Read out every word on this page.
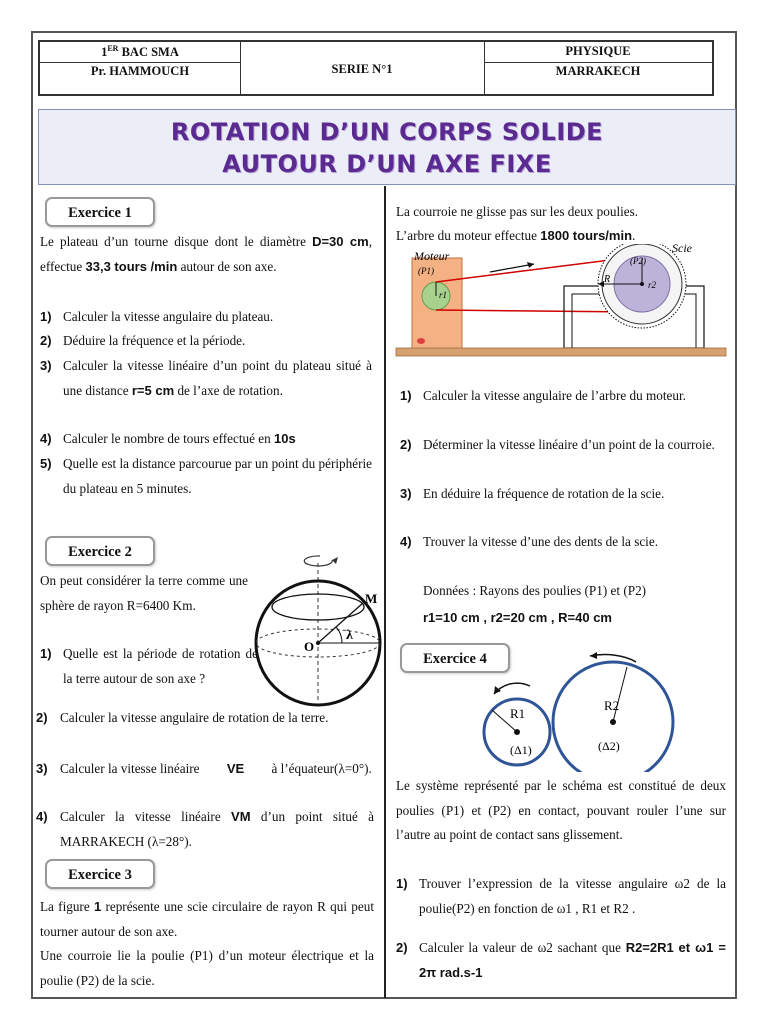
1ER BAC SMA
Pr. HAMMOUCH	SERIE N°1
PHYSIQUE
MARRAKECH
ROTATION D’UN CORPS SOLIDE
AUTOUR D’UN AXE FIXE
Exercice 1
Le plateau d’un tourne disque dont le diamètre D=30 cm, effectue 33,3 tours /min autour de son axe.
1) Calculer la vitesse angulaire du plateau.
2) Déduire la fréquence et la période.
3) Calculer la vitesse linéaire d’un point du plateau situé à une distance r=5 cm de l’axe de rotation.
4) Calculer le nombre de tours effectué en 10s
5) Quelle est la distance parcourue par un point du périphérie du plateau en 5 minutes.
Exercice 2
On peut considérer la terre comme une sphère de rayon R=6400 Km.
1) Quelle est la période de rotation de la terre autour de son axe ?
M
O
λ
2) Calculer la vitesse angulaire de rotation de la terre.
3) Calculer la vitesse linéaire VE à l’équateur(λ=0°).
4) Calculer la vitesse linéaire VM d’un point situé à MARRAKECH (λ=28°).
Exercice 3
La figure 1 représente une scie circulaire de rayon R qui peut tourner autour de son axe.
Une courroie lie la poulie (P1) d’un moteur électrique et la poulie (P2) de la scie.
La courroie ne glisse pas sur les deux poulies.
L’arbre du moteur effectue 1800 tours/min.
Moteur
(P1)
r1
(P2)
r2
R
Scie
1) Calculer la vitesse angulaire de l’arbre du moteur.
2) Déterminer la vitesse linéaire d’un point de la courroie.
3) En déduire la fréquence de rotation de la scie.
4) Trouver la vitesse d’une des dents de la scie.
Données : Rayons des poulies (P1) et (P2)
r1=10 cm , r2=20 cm , R=40 cm
Exercice 4
R1
R2
(Δ1)	(Δ2)
Le système représenté par le schéma est constitué de deux poulies (P1) et (P2) en contact, pouvant rouler l’une sur l’autre au point de contact sans glissement.
1) Trouver l’expression de la vitesse angulaire ω2 de la poulie(P2) en fonction de ω1 , R1 et R2 .
2) Calculer la valeur de ω2 sachant que R2=2R1 et ω1 = 2π rad.s-1
